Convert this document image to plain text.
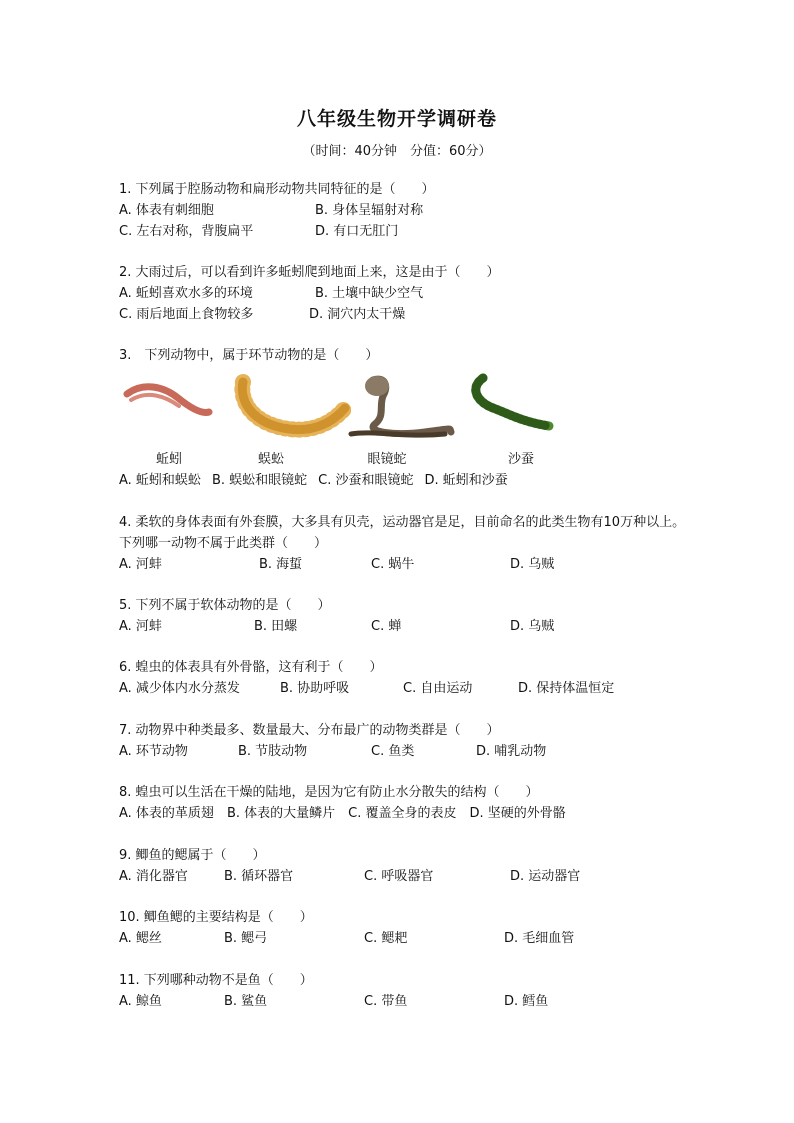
八年级生物开学调研卷
（时间：40分钟　分值：60分）
1. 下列属于腔肠动物和扁形动物共同特征的是（　　）
A. 体表有刺细胞	B. 身体呈辐射对称
C. 左右对称，背腹扁平	D. 有口无肛门
2. 大雨过后，可以看到许多蚯蚓爬到地面上来，这是由于（　　）
A. 蚯蚓喜欢水多的环境	B. 土壤中缺少空气
C. 雨后地面上食物较多	D. 洞穴内太干燥
3.　下列动物中，属于环节动物的是（　　）
蚯蚓	蜈蚣	眼镜蛇	沙蚕
A. 蚯蚓和蜈蚣 B. 蜈蚣和眼镜蛇 C. 沙蚕和眼镜蛇 D. 蚯蚓和沙蚕
4. 柔软的身体表面有外套膜，大多具有贝壳，运动器官是足，目前命名的此类生物有10万种以上。下列哪一动物不属于此类群（　　）
A. 河蚌	B. 海蜇	C. 蜗牛	D. 乌贼
5. 下列不属于软体动物的是（　　）
A. 河蚌	B. 田螺	C. 蝉	D. 乌贼
6. 蝗虫的体表具有外骨骼，这有利于（　　）
A. 减少体内水分蒸发	B. 协助呼吸	C. 自由运动	D. 保持体温恒定
7. 动物界中种类最多、数量最大、分布最广的动物类群是（　　）
A. 环节动物	B. 节肢动物	C. 鱼类	D. 哺乳动物
8. 蝗虫可以生活在干燥的陆地，是因为它有防止水分散失的结构（　　）
A. 体表的革质翅 B. 体表的大量鳞片 C. 覆盖全身的表皮 D. 坚硬的外骨骼
9. 鲫鱼的鳃属于（　　）
A. 消化器官	B. 循环器官	C. 呼吸器官	D. 运动器官
10. 鲫鱼鳃的主要结构是（　　）
A. 鳃丝	B. 鳃弓	C. 鳃耙	D. 毛细血管
11. 下列哪种动物不是鱼（　　）
A. 鲸鱼	B. 鲨鱼	C. 带鱼	D. 鳕鱼
